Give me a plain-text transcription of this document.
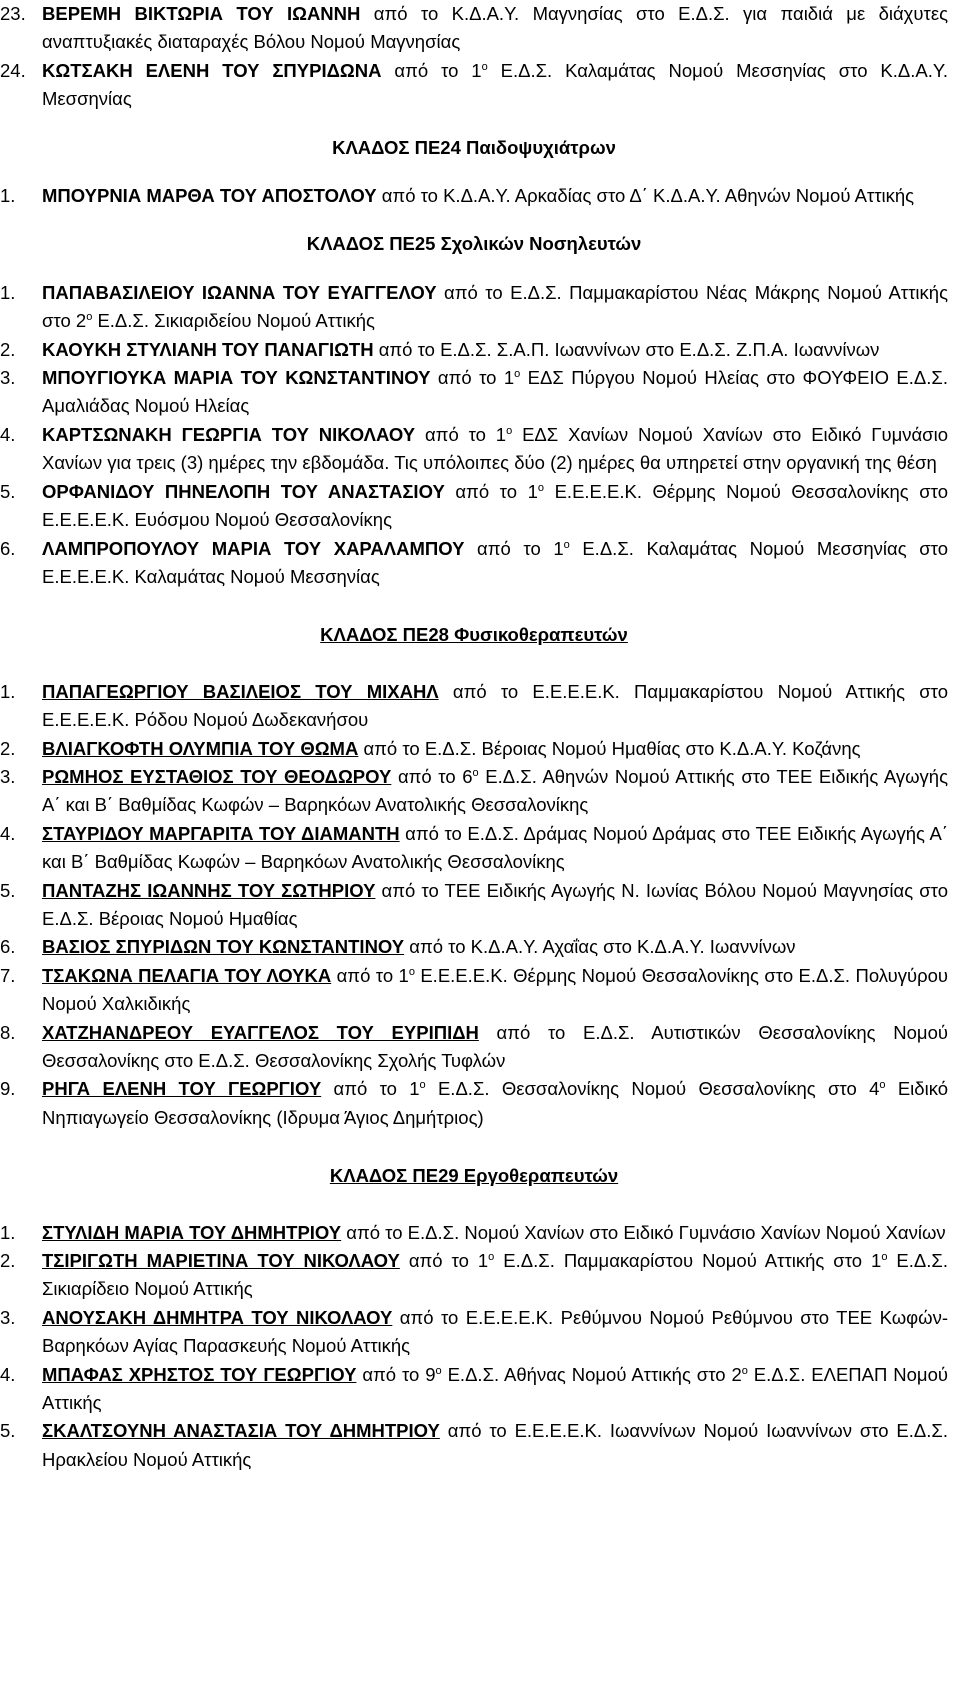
23. ΒΕΡΕΜΗ ΒΙΚΤΩΡΙΑ ΤΟΥ ΙΩΑΝΝΗ από το Κ.Δ.Α.Υ. Μαγνησίας στο Ε.Δ.Σ. για παιδιά με διάχυτες αναπτυξιακές διαταραχές Βόλου Νομού Μαγνησίας
24. ΚΩΤΣΑΚΗ ΕΛΕΝΗ ΤΟΥ ΣΠΥΡΙΔΩΝΑ από το $1^o$ Ε.Δ.Σ. Καλαμάτας Νομού Μεσσηνίας στο Κ.Δ.Α.Υ. Μεσσηνίας
ΚΛΑΔΟΣ ΠΕ24 Παιδοψυχιάτρων
1.	ΜΠΟΥΡΝΙΑ ΜΑΡΘΑ ΤΟΥ ΑΠΟΣΤΟΛΟΥ από το Κ.Δ.Α.Υ. Αρκαδίας στο Δ΄ Κ.Δ.Α.Υ. Αθηνών Νομού Αττικής
ΚΛΑΔΟΣ ΠΕ25 Σχολικών Νοσηλευτών
1.	ΠΑΠΑΒΑΣΙΛΕΙΟΥ ΙΩΑΝΝΑ ΤΟΥ ΕΥΑΓΓΕΛΟΥ από το Ε.Δ.Σ. Παμμακαρίστου Νέας Μάκρης Νομού Αττικής στο $2^o$ Ε.Δ.Σ. Σικιαριδείου Νομού Αττικής
2.	ΚΑΟΥΚΗ ΣΤΥΛΙΑΝΗ ΤΟΥ ΠΑΝΑΓΙΩΤΗ από το Ε.Δ.Σ. Σ.Α.Π. Ιωαννίνων στο Ε.Δ.Σ. Ζ.Π.Α. Ιωαννίνων
3.	ΜΠΟΥΓΙΟΥΚΑ ΜΑΡΙΑ ΤΟΥ ΚΩΝΣΤΑΝΤΙΝΟΥ από το $1^o$ ΕΔΣ Πύργου Νομού Ηλείας στο ΦΟΥΦΕΙΟ Ε.Δ.Σ. Αμαλιάδας Νομού Ηλείας
4.	ΚΑΡΤΣΩΝΑΚΗ ΓΕΩΡΓΙΑ ΤΟΥ ΝΙΚΟΛΑΟΥ από το $1^o$ ΕΔΣ Χανίων Νομού Χανίων στο Ειδικό Γυμνάσιο Χανίων για τρεις (3) ημέρες την εβδομάδα. Τις υπόλοιπες δύο (2) ημέρες θα υπηρετεί στην οργανική της θέση
5.	ΟΡΦΑΝΙΔΟΥ ΠΗΝΕΛΟΠΗ ΤΟΥ ΑΝΑΣΤΑΣΙΟΥ από το $1^o$ Ε.Ε.Ε.Ε.Κ. Θέρμης Νομού Θεσσαλονίκης στο Ε.Ε.Ε.Ε.Κ. Ευόσμου Νομού Θεσσαλονίκης
6.	ΛΑΜΠΡΟΠΟΥΛΟΥ ΜΑΡΙΑ ΤΟΥ ΧΑΡΑΛΑΜΠΟΥ από το $1^o$ Ε.Δ.Σ. Καλαμάτας Νομού Μεσσηνίας στο Ε.Ε.Ε.Ε.Κ. Καλαμάτας Νομού Μεσσηνίας
ΚΛΑΔΟΣ ΠΕ28 Φυσικοθεραπευτών
1.	ΠΑΠΑΓΕΩΡΓΙΟΥ ΒΑΣΙΛΕΙΟΣ ΤΟΥ ΜΙΧΑΗΛ από το Ε.Ε.Ε.Ε.Κ. Παμμακαρίστου Νομού Αττικής στο Ε.Ε.Ε.Ε.Κ. Ρόδου Νομού Δωδεκανήσου
2.	ΒΛΙΑΓΚΟΦΤΗ ΟΛΥΜΠΙΑ ΤΟΥ ΘΩΜΑ από το Ε.Δ.Σ. Βέροιας Νομού Ημαθίας στο Κ.Δ.Α.Υ. Κοζάνης
3.	ΡΩΜΗΟΣ ΕΥΣΤΑΘΙΟΣ ΤΟΥ ΘΕΟΔΩΡΟΥ από το $6^o$ Ε.Δ.Σ. Αθηνών Νομού Αττικής στο ΤΕΕ Ειδικής Αγωγής Α΄ και Β΄ Βαθμίδας Κωφών – Βαρηκόων Ανατολικής Θεσσαλονίκης
4.	ΣΤΑΥΡΙΔΟΥ ΜΑΡΓΑΡΙΤΑ ΤΟΥ ΔΙΑΜΑΝΤΗ από το Ε.Δ.Σ. Δράμας Νομού Δράμας στο ΤΕΕ Ειδικής Αγωγής Α΄ και Β΄ Βαθμίδας Κωφών – Βαρηκόων Ανατολικής Θεσσαλονίκης
5.	ΠΑΝΤΑΖΗΣ ΙΩΑΝΝΗΣ ΤΟΥ ΣΩΤΗΡΙΟΥ από το ΤΕΕ Ειδικής Αγωγής Ν. Ιωνίας Βόλου Νομού Μαγνησίας στο Ε.Δ.Σ. Βέροιας Νομού Ημαθίας
6.	ΒΑΣΙΟΣ ΣΠΥΡΙΔΩΝ ΤΟΥ ΚΩΝΣΤΑΝΤΙΝΟΥ από το Κ.Δ.Α.Υ. Αχαΐας στο Κ.Δ.Α.Υ. Ιωαννίνων
7.	ΤΣΑΚΩΝΑ ΠΕΛΑΓΙΑ ΤΟΥ ΛΟΥΚΑ από το $1^o$ Ε.Ε.Ε.Ε.Κ. Θέρμης Νομού Θεσσαλονίκης στο Ε.Δ.Σ. Πολυγύρου Νομού Χαλκιδικής
8.	ΧΑΤΖΗΑΝΔΡΕΟΥ ΕΥΑΓΓΕΛΟΣ ΤΟΥ ΕΥΡΙΠΙΔΗ από το Ε.Δ.Σ. Αυτιστικών Θεσσαλονίκης Νομού Θεσσαλονίκης στο Ε.Δ.Σ. Θεσσαλονίκης Σχολής Τυφλών
9.	ΡΗΓΑ ΕΛΕΝΗ ΤΟΥ ΓΕΩΡΓΙΟΥ από το $1^o$ Ε.Δ.Σ. Θεσσαλονίκης Νομού Θεσσαλονίκης στο $4^o$ Ειδικό Νηπιαγωγείο Θεσσαλονίκης (Ιδρυμα Άγιος Δημήτριος)
ΚΛΑΔΟΣ ΠΕ29 Εργοθεραπευτών
1.	ΣΤΥΛΙΔΗ ΜΑΡΙΑ ΤΟΥ ΔΗΜΗΤΡΙΟΥ από το Ε.Δ.Σ. Νομού Χανίων στο Ειδικό Γυμνάσιο Χανίων Νομού Χανίων
2.	ΤΣΙΡΙΓΩΤΗ ΜΑΡΙΕΤΙΝΑ ΤΟΥ ΝΙΚΟΛΑΟΥ από το $1^o$ Ε.Δ.Σ. Παμμακαρίστου Νομού Αττικής στο $1^o$ Ε.Δ.Σ. Σικιαρίδειο Νομού Αττικής
3.	ΑΝΟΥΣΑΚΗ ΔΗΜΗΤΡΑ ΤΟΥ ΝΙΚΟΛΑΟΥ από το Ε.Ε.Ε.Ε.Κ. Ρεθύμνου Νομού Ρεθύμνου στο ΤΕΕ Κωφών- Βαρηκόων Αγίας Παρασκευής Νομού Αττικής
4.	ΜΠΑΦΑΣ ΧΡΗΣΤΟΣ ΤΟΥ ΓΕΩΡΓΙΟΥ από το $9^o$ Ε.Δ.Σ. Αθήνας Νομού Αττικής στο $2^o$ Ε.Δ.Σ. ΕΛΕΠΑΠ Νομού Αττικής
5.	ΣΚΑΛΤΣΟΥΝΗ ΑΝΑΣΤΑΣΙΑ ΤΟΥ ΔΗΜΗΤΡΙΟΥ από το Ε.Ε.Ε.Ε.Κ. Ιωαννίνων Νομού Ιωαννίνων στο Ε.Δ.Σ. Ηρακλείου Νομού Αττικής
